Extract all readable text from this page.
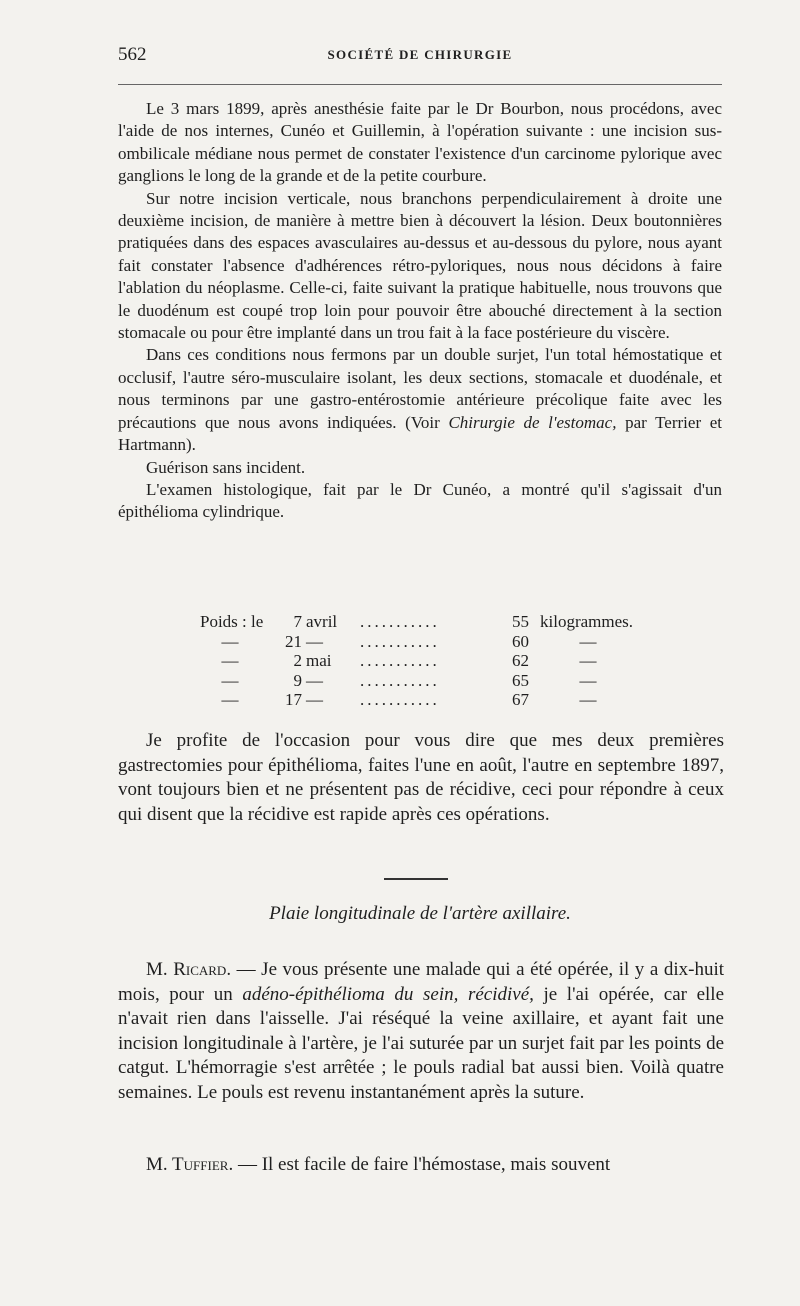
562	SOCIÉTÉ DE CHIRURGIE

Le 3 mars 1899, après anesthésie faite par le Dr Bourbon, nous procédons, avec l'aide de nos internes, Cunéo et Guillemin, à l'opération suivante : une incision sus-ombilicale médiane nous permet de constater l'existence d'un carcinome pylorique avec ganglions le long de la grande et de la petite courbure.

Sur notre incision verticale, nous branchons perpendiculairement à droite une deuxième incision, de manière à mettre bien à découvert la lésion. Deux boutonnières pratiquées dans des espaces avasculaires au-dessus et au-dessous du pylore, nous ayant fait constater l'absence d'adhérences rétro-pyloriques, nous nous décidons à faire l'ablation du néoplasme. Celle-ci, faite suivant la pratique habituelle, nous trouvons que le duodénum est coupé trop loin pour pouvoir être abouché directement à la section stomacale ou pour être implanté dans un trou fait à la face postérieure du viscère.

Dans ces conditions nous fermons par un double surjet, l'un total hémostatique et occlusif, l'autre séro-musculaire isolant, les deux sections, stomacale et duodénale, et nous terminons par une gastro-entérostomie antérieure précolique faite avec les précautions que nous avons indiquées. (Voir Chirurgie de l'estomac, par Terrier et Hartmann).

Guérison sans incident.

L'examen histologique, fait par le Dr Cunéo, a montré qu'il s'agissait d'un épithélioma cylindrique.

Poids : le	7 avril	...........	55 kilogrammes.
—	21 —	...........	60	—
—	2 mai	...........	62	—
—	9 —	...........	65	—
—	17 —	...........	67	—

Je profite de l'occasion pour vous dire que mes deux premières gastrectomies pour épithélioma, faites l'une en août, l'autre en septembre 1897, vont toujours bien et ne présentent pas de récidive, ceci pour répondre à ceux qui disent que la récidive est rapide après ces opérations.

Plaie longitudinale de l'artère axillaire.

M. Ricard. — Je vous présente une malade qui a été opérée, il y a dix-huit mois, pour un adéno-épithélioma du sein, récidivé, je l'ai opérée, car elle n'avait rien dans l'aisselle. J'ai réséqué la veine axillaire, et ayant fait une incision longitudinale à l'artère, je l'ai suturée par un surjet fait par les points de catgut. L'hémorragie s'est arrêtée ; le pouls radial bat aussi bien. Voilà quatre semaines. Le pouls est revenu instantanément après la suture.

M. Tuffier. — Il est facile de faire l'hémostase, mais souvent
